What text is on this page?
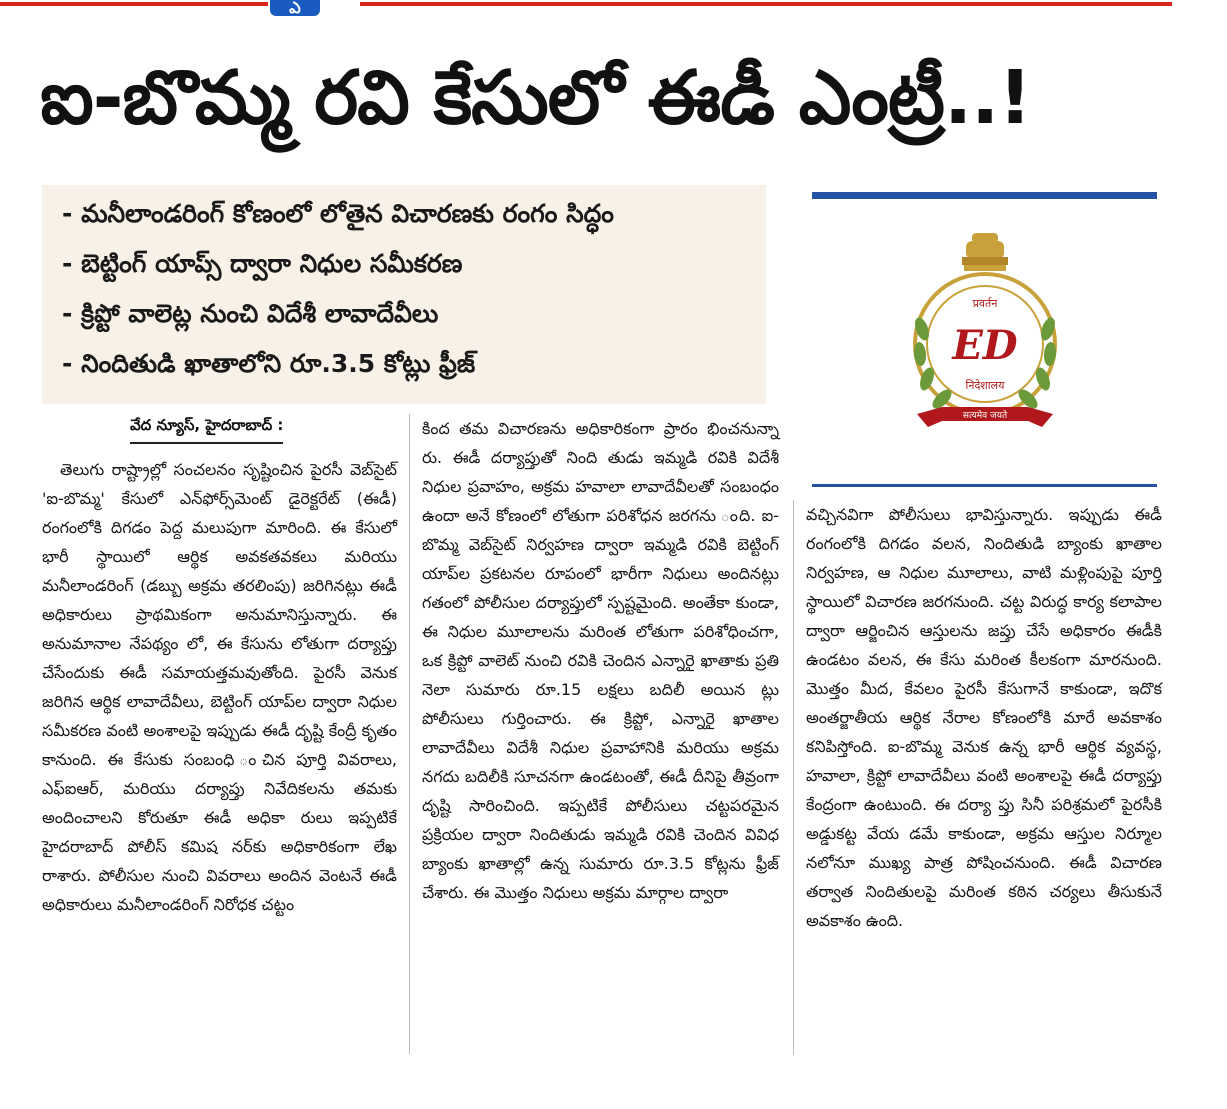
ఎ
ఐ-బొమ్మ రవి కేసులో ఈడీ ఎంట్రీ..!
- మనీలాండరింగ్ కోణంలో లోతైన విచారణకు రంగం సిద్ధం
- బెట్టింగ్ యాప్స్ ద్వారా నిధుల సమీకరణ
- క్రిప్టో వాలెట్ల నుంచి విదేశీ లావాదేవీలు
- నిందితుడి ఖాతాలోని రూ.3.5 కోట్లు ఫ్రీజ్
प्रवर्तन
ED
निदेशालय
सत्यमेव जयते
వేద న్యూస్, హైదరాబాద్ :
తెలుగు రాష్ట్రాల్లో సంచలనం సృష్టించిన పైరసీ వెబ్‌సైట్ 'ఐ-బొమ్మ' కేసులో ఎన్‌ఫోర్స్‌మెంట్ డైరెక్టరేట్ (ఈడీ) రంగంలోకి దిగడం పెద్ద మలుపుగా మారింది. ఈ కేసులో భారీ స్థాయిలో ఆర్థిక అవకతవకలు మరియు మనీలాండరింగ్ (డబ్బు అక్రమ తరలింపు) జరిగినట్లు ఈడీ అధికారులు ప్రాథమికంగా అనుమానిస్తున్నారు. ఈ అనుమానాల నేపథ్యం లో, ఈ కేసును లోతుగా దర్యాప్తు చేసేందుకు ఈడీ సమాయత్తమవుతోంది. పైరసీ వెనుక జరిగిన ఆర్థిక లావాదేవీలు, బెట్టింగ్ యాప్‌ల ద్వారా నిధుల సమీకరణ వంటి అంశాలపై ఇప్పుడు ఈడీ దృష్టి కేంద్రీ కృతం కానుంది. ఈ కేసుకు సంబంధి ంచిన పూర్తి వివరాలు, ఎఫ్ఐఆర్, మరియు దర్యాప్తు నివేదికలను తమకు అందించాలని కోరుతూ ఈడీ అధికా రులు ఇప్పటికే హైదరాబాద్ పోలీస్ కమిష నర్‌కు అధికారికంగా లేఖ రాశారు. పోలీసుల నుంచి వివరాలు అందిన వెంటనే ఈడీ అధికారులు మనీలాండరింగ్ నిరోధక చట్టం
కింద తమ విచారణను అధికారికంగా ప్రారం భించనున్నా రు. ఈడీ దర్యాప్తుతో నింది తుడు ఇమ్మడి రవికి విదేశీ నిధుల ప్రవాహం, అక్రమ హవాలా లావాదేవీలతో సంబంధం ఉందా అనే కోణంలో లోతుగా పరిశోధన జరగను ంది. ఐ-బొమ్మ వెబ్‌సైట్ నిర్వహణ ద్వారా ఇమ్మడి రవికి బెట్టింగ్ యాప్‌ల ప్రకటనల రూపంలో భారీగా నిధులు అందినట్లు గతంలో పోలీసుల దర్యాప్తులో స్పష్టమైంది. అంతేకా కుండా, ఈ నిధుల మూలాలను మరింత లోతుగా పరిశోధించగా, ఒక క్రిప్టో వాలెట్ నుంచి రవికి చెందిన ఎన్నారై ఖాతాకు ప్రతి నెలా సుమారు రూ.15 లక్షలు బదిలీ అయిన ట్లు పోలీసులు గుర్తించారు. ఈ క్రిప్టో, ఎన్నారై ఖాతాల లావాదేవీలు విదేశీ నిధుల ప్రవాహానికి మరియు అక్రమ నగదు బదిలీకి సూచనగా ఉండటంతో, ఈడీ దీనిపై తీవ్రంగా దృష్టి సారించింది. ఇప్పటికే పోలీసులు చట్టపరమైన ప్రక్రియల ద్వారా నిందితుడు ఇమ్మడి రవికి చెందిన వివిధ బ్యాంకు ఖాతాల్లో ఉన్న సుమారు రూ.3.5 కోట్లను ఫ్రీజ్ చేశారు. ఈ మొత్తం నిధులు అక్రమ మార్గాల ద్వారా
వచ్చినవిగా పోలీసులు భావిస్తున్నారు. ఇప్పుడు ఈడీ రంగంలోకి దిగడం వలన, నిందితుడి బ్యాంకు ఖాతాల నిర్వహణ, ఆ నిధుల మూలాలు, వాటి మళ్లింపుపై పూర్తి స్థాయిలో విచారణ జరగనుంది. చట్ట విరుద్ధ కార్య కలాపాల ద్వారా ఆర్జించిన ఆస్తులను జప్తు చేసే అధికారం ఈడీకి ఉండటం వలన, ఈ కేసు మరింత కీలకంగా మారనుంది. మొత్తం మీద, కేవలం పైరసీ కేసుగానే కాకుండా, ఇదొక అంతర్జాతీయ ఆర్థిక నేరాల కోణంలోకి మారే అవకాశం కనిపిస్తోంది. ఐ-బొమ్మ వెనుక ఉన్న భారీ ఆర్థిక వ్యవస్థ, హవాలా, క్రిప్టో లావాదేవీలు వంటి అంశాలపై ఈడీ దర్యాప్తు కేంద్రంగా ఉంటుంది. ఈ దర్యా ప్తు సినీ పరిశ్రమలో పైరసీకి అడ్డుకట్ట వేయ డమే కాకుండా, అక్రమ ఆస్తుల నిర్మూల నలోనూ ముఖ్య పాత్ర పోషించనుంది. ఈడీ విచారణ తర్వాత నిందితులపై మరింత కఠిన చర్యలు తీసుకునే అవకాశం ఉంది.
